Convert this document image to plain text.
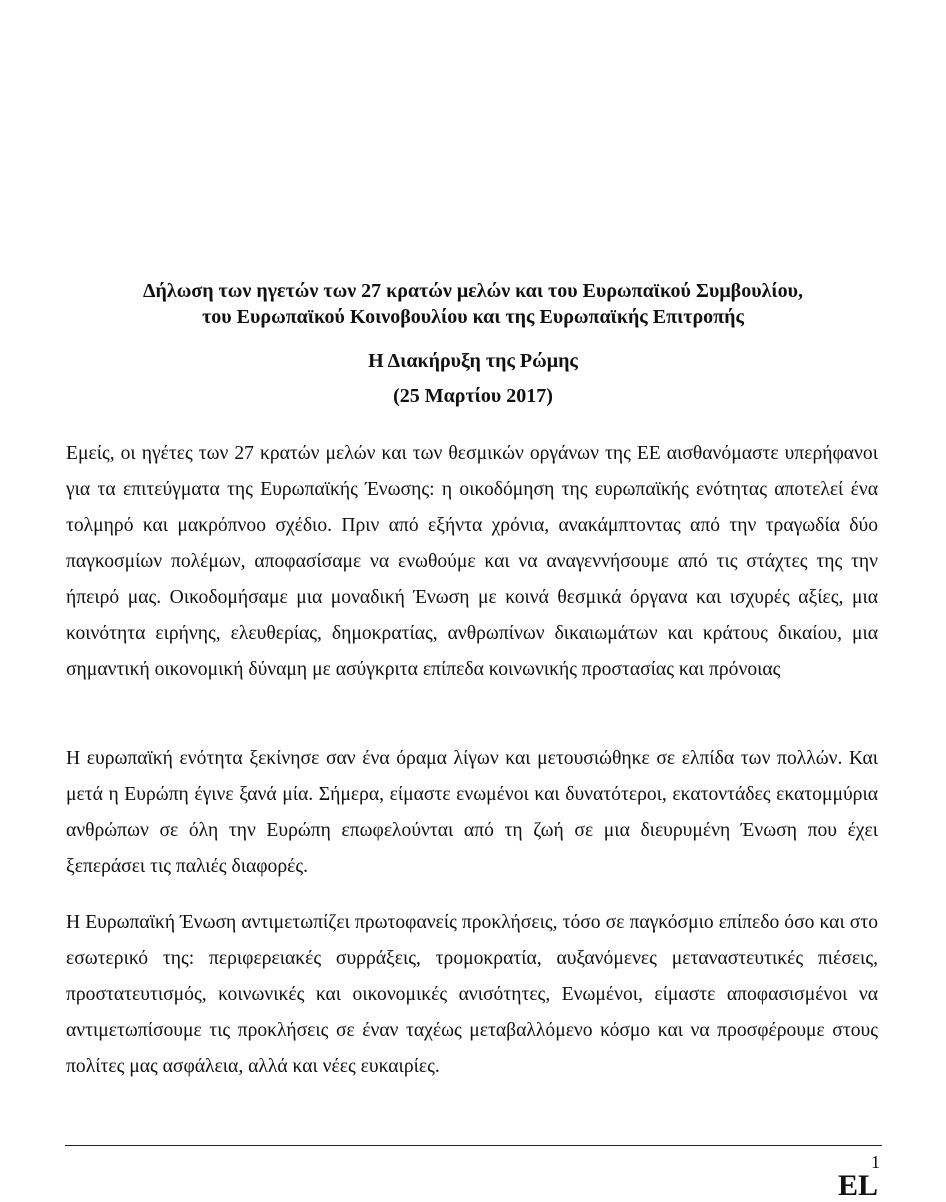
Δήλωση των ηγετών των 27 κρατών μελών και του Ευρωπαϊκού Συμβουλίου,
του Ευρωπαϊκού Κοινοβουλίου και της Ευρωπαϊκής Επιτροπής
Η Διακήρυξη της Ρώμης
(25 Μαρτίου 2017)

Εμείς, οι ηγέτες των 27 κρατών μελών και των θεσμικών οργάνων της ΕΕ αισθανόμαστε υπερήφανοι για τα επιτεύγματα της Ευρωπαϊκής Ένωσης: η οικοδόμηση της ευρωπαϊκής ενότητας αποτελεί ένα τολμηρό και μακρόπνοο σχέδιο. Πριν από εξήντα χρόνια, ανακάμπτοντας από την τραγωδία δύο παγκοσμίων πολέμων, αποφασίσαμε να ενωθούμε και να αναγεννήσουμε από τις στάχτες της την ήπειρό μας. Οικοδομήσαμε μια μοναδική Ένωση με κοινά θεσμικά όργανα και ισχυρές αξίες, μια κοινότητα ειρήνης, ελευθερίας, δημοκρατίας, ανθρωπίνων δικαιωμάτων και κράτους δικαίου, μια σημαντική οικονομική δύναμη με ασύγκριτα επίπεδα κοινωνικής προστασίας και πρόνοιας

Η ευρωπαϊκή ενότητα ξεκίνησε σαν ένα όραμα λίγων και μετουσιώθηκε σε ελπίδα των πολλών. Και μετά η Ευρώπη έγινε ξανά μία. Σήμερα, είμαστε ενωμένοι και δυνατότεροι, εκατοντάδες εκατομμύρια ανθρώπων σε όλη την Ευρώπη επωφελούνται από τη ζωή σε μια διευρυμένη Ένωση που έχει ξεπεράσει τις παλιές διαφορές.

Η Ευρωπαϊκή Ένωση αντιμετωπίζει πρωτοφανείς προκλήσεις, τόσο σε παγκόσμιο επίπεδο όσο και στο εσωτερικό της: περιφερειακές συρράξεις, τρομοκρατία, αυξανόμενες μεταναστευτικές πιέσεις, προστατευτισμός, κοινωνικές και οικονομικές ανισότητες, Ενωμένοι, είμαστε αποφασισμένοι να αντιμετωπίσουμε τις προκλήσεις σε έναν ταχέως μεταβαλλόμενο κόσμο και να προσφέρουμε στους πολίτες μας ασφάλεια, αλλά και νέες ευκαιρίες.

1
EL
